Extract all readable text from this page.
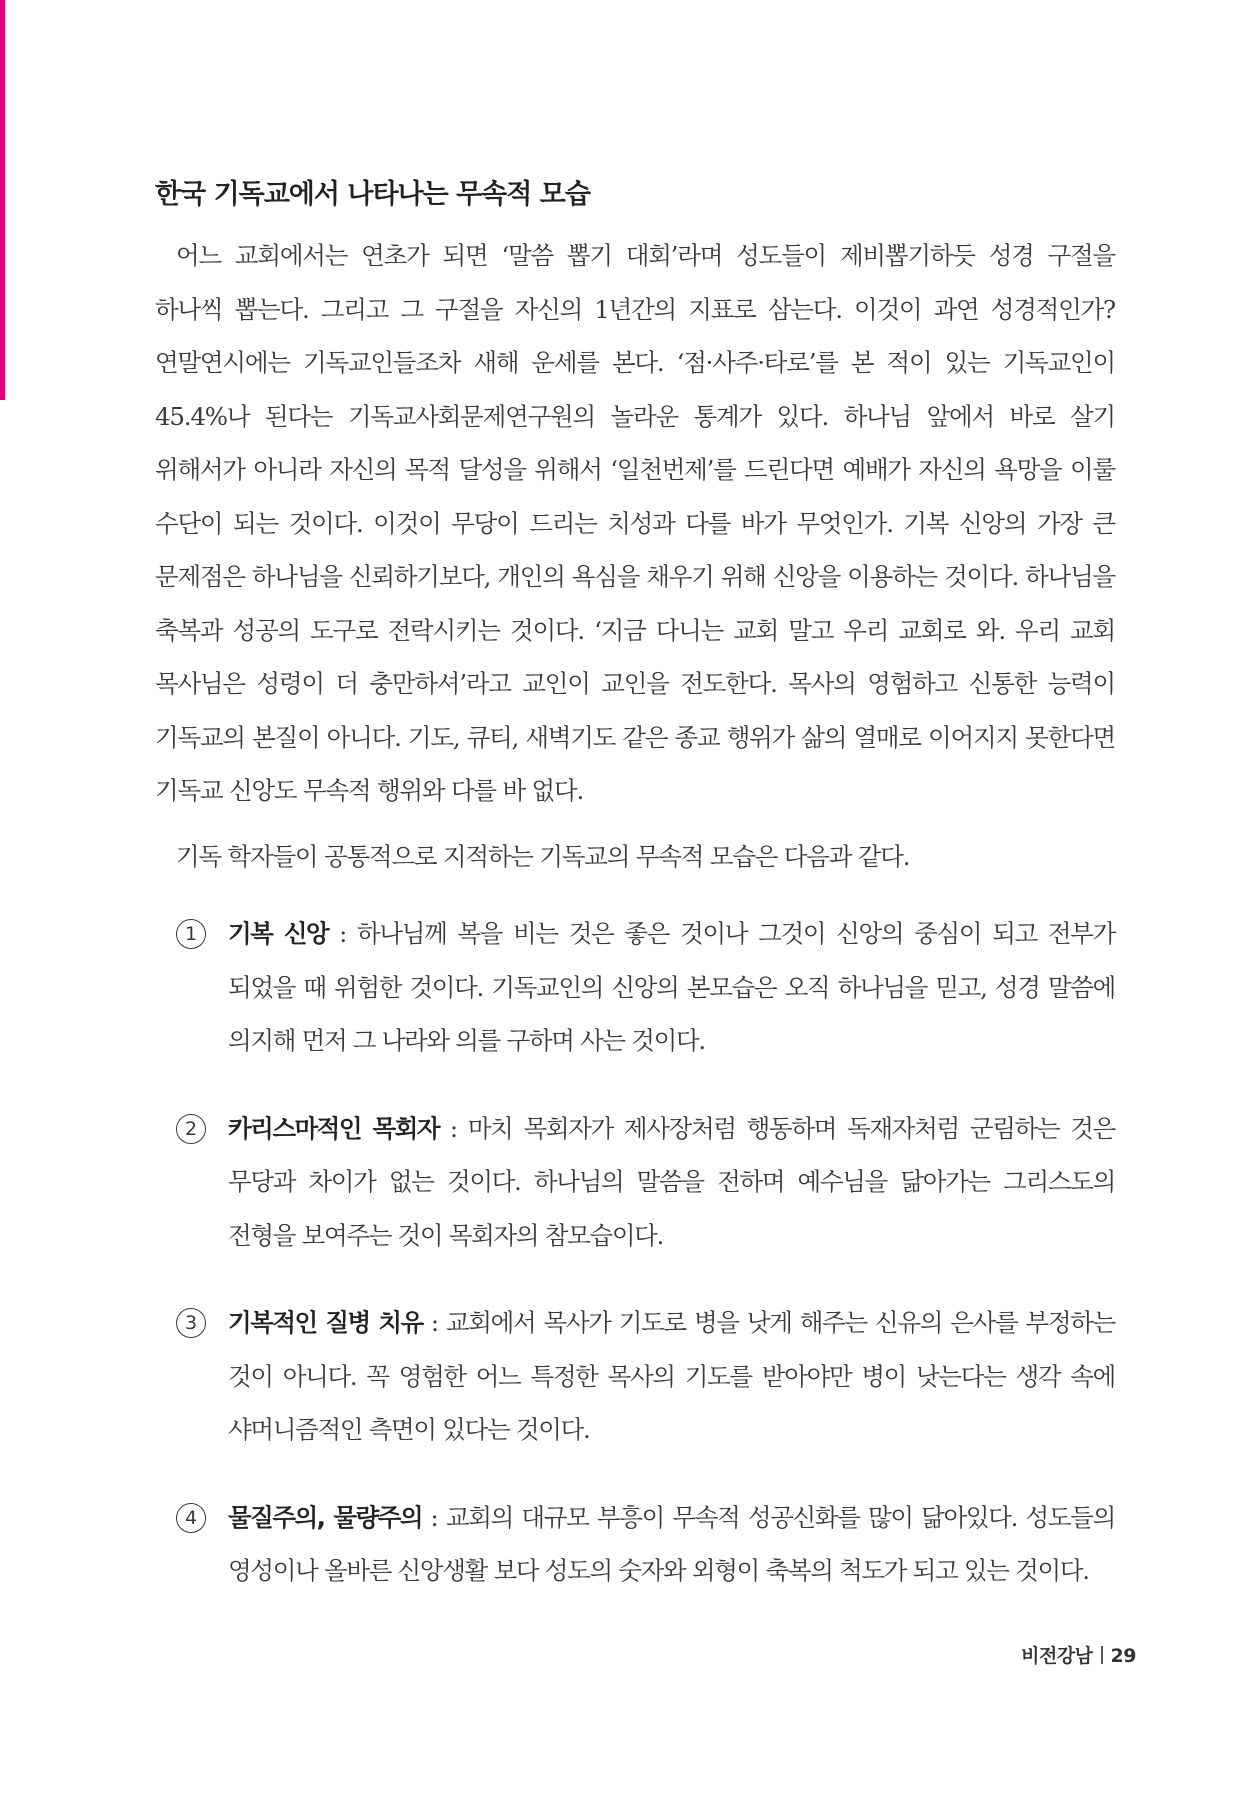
한국 기독교에서 나타나는 무속적 모습

어느 교회에서는 연초가 되면 ‘말씀 뽑기 대회’라며 성도들이 제비뽑기하듯 성경 구절을 하나씩 뽑는다. 그리고 그 구절을 자신의 1년간의 지표로 삼는다. 이것이 과연 성경적인가? 연말연시에는 기독교인들조차 새해 운세를 본다. ‘점·사주·타로’를 본 적이 있는 기독교인이 45.4%나 된다는 기독교사회문제연구원의 놀라운 통계가 있다. 하나님 앞에서 바로 살기 위해서가 아니라 자신의 목적 달성을 위해서 ‘일천번제’를 드린다면 예배가 자신의 욕망을 이룰 수단이 되는 것이다. 이것이 무당이 드리는 치성과 다를 바가 무엇인가. 기복 신앙의 가장 큰 문제점은 하나님을 신뢰하기보다, 개인의 욕심을 채우기 위해 신앙을 이용하는 것이다. 하나님을 축복과 성공의 도구로 전락시키는 것이다. ‘지금 다니는 교회 말고 우리 교회로 와. 우리 교회 목사님은 성령이 더 충만하셔’라고 교인이 교인을 전도한다. 목사의 영험하고 신통한 능력이 기독교의 본질이 아니다. 기도, 큐티, 새벽기도 같은 종교 행위가 삶의 열매로 이어지지 못한다면 기독교 신앙도 무속적 행위와 다를 바 없다.

기독 학자들이 공통적으로 지적하는 기독교의 무속적 모습은 다음과 같다.

1	기복 신앙 : 하나님께 복을 비는 것은 좋은 것이나 그것이 신앙의 중심이 되고 전부가 되었을 때 위험한 것이다. 기독교인의 신앙의 본모습은 오직 하나님을 믿고, 성경 말씀에 의지해 먼저 그 나라와 의를 구하며 사는 것이다.
2	카리스마적인 목회자 : 마치 목회자가 제사장처럼 행동하며 독재자처럼 군림하는 것은 무당과 차이가 없는 것이다. 하나님의 말씀을 전하며 예수님을 닮아가는 그리스도의 전형을 보여주는 것이 목회자의 참모습이다.
3	기복적인 질병 치유 : 교회에서 목사가 기도로 병을 낫게 해주는 신유의 은사를 부정하는 것이 아니다. 꼭 영험한 어느 특정한 목사의 기도를 받아야만 병이 낫는다는 생각 속에 샤머니즘적인 측면이 있다는 것이다.
4	물질주의, 물량주의 : 교회의 대규모 부흥이 무속적 성공신화를 많이 닮아있다. 성도들의 영성이나 올바른 신앙생활 보다 성도의 숫자와 외형이 축복의 척도가 되고 있는 것이다.
비전강남 29
